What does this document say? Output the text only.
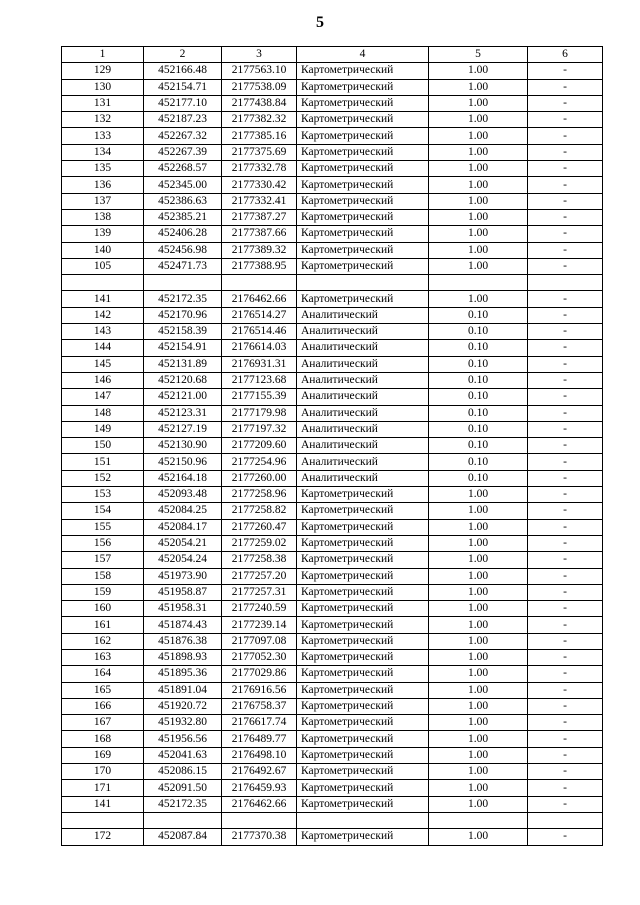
5
1	2	3	4	5	6
129	452166.48	2177563.10	Картометрический	1.00	-
130	452154.71	2177538.09	Картометрический	1.00	-
131	452177.10	2177438.84	Картометрический	1.00	-
132	452187.23	2177382.32	Картометрический	1.00	-
133	452267.32	2177385.16	Картометрический	1.00	-
134	452267.39	2177375.69	Картометрический	1.00	-
135	452268.57	2177332.78	Картометрический	1.00	-
136	452345.00	2177330.42	Картометрический	1.00	-
137	452386.63	2177332.41	Картометрический	1.00	-
138	452385.21	2177387.27	Картометрический	1.00	-
139	452406.28	2177387.66	Картометрический	1.00	-
140	452456.98	2177389.32	Картометрический	1.00	-
105	452471.73	2177388.95	Картометрический	1.00	-

141	452172.35	2176462.66	Картометрический	1.00	-
142	452170.96	2176514.27	Аналитический	0.10	-
143	452158.39	2176514.46	Аналитический	0.10	-
144	452154.91	2176614.03	Аналитический	0.10	-
145	452131.89	2176931.31	Аналитический	0.10	-
146	452120.68	2177123.68	Аналитический	0.10	-
147	452121.00	2177155.39	Аналитический	0.10	-
148	452123.31	2177179.98	Аналитический	0.10	-
149	452127.19	2177197.32	Аналитический	0.10	-
150	452130.90	2177209.60	Аналитический	0.10	-
151	452150.96	2177254.96	Аналитический	0.10	-
152	452164.18	2177260.00	Аналитический	0.10	-
153	452093.48	2177258.96	Картометрический	1.00	-
154	452084.25	2177258.82	Картометрический	1.00	-
155	452084.17	2177260.47	Картометрический	1.00	-
156	452054.21	2177259.02	Картометрический	1.00	-
157	452054.24	2177258.38	Картометрический	1.00	-
158	451973.90	2177257.20	Картометрический	1.00	-
159	451958.87	2177257.31	Картометрический	1.00	-
160	451958.31	2177240.59	Картометрический	1.00	-
161	451874.43	2177239.14	Картометрический	1.00	-
162	451876.38	2177097.08	Картометрический	1.00	-
163	451898.93	2177052.30	Картометрический	1.00	-
164	451895.36	2177029.86	Картометрический	1.00	-
165	451891.04	2176916.56	Картометрический	1.00	-
166	451920.72	2176758.37	Картометрический	1.00	-
167	451932.80	2176617.74	Картометрический	1.00	-
168	451956.56	2176489.77	Картометрический	1.00	-
169	452041.63	2176498.10	Картометрический	1.00	-
170	452086.15	2176492.67	Картометрический	1.00	-
171	452091.50	2176459.93	Картометрический	1.00	-
141	452172.35	2176462.66	Картометрический	1.00	-

172	452087.84	2177370.38	Картометрический	1.00	-
